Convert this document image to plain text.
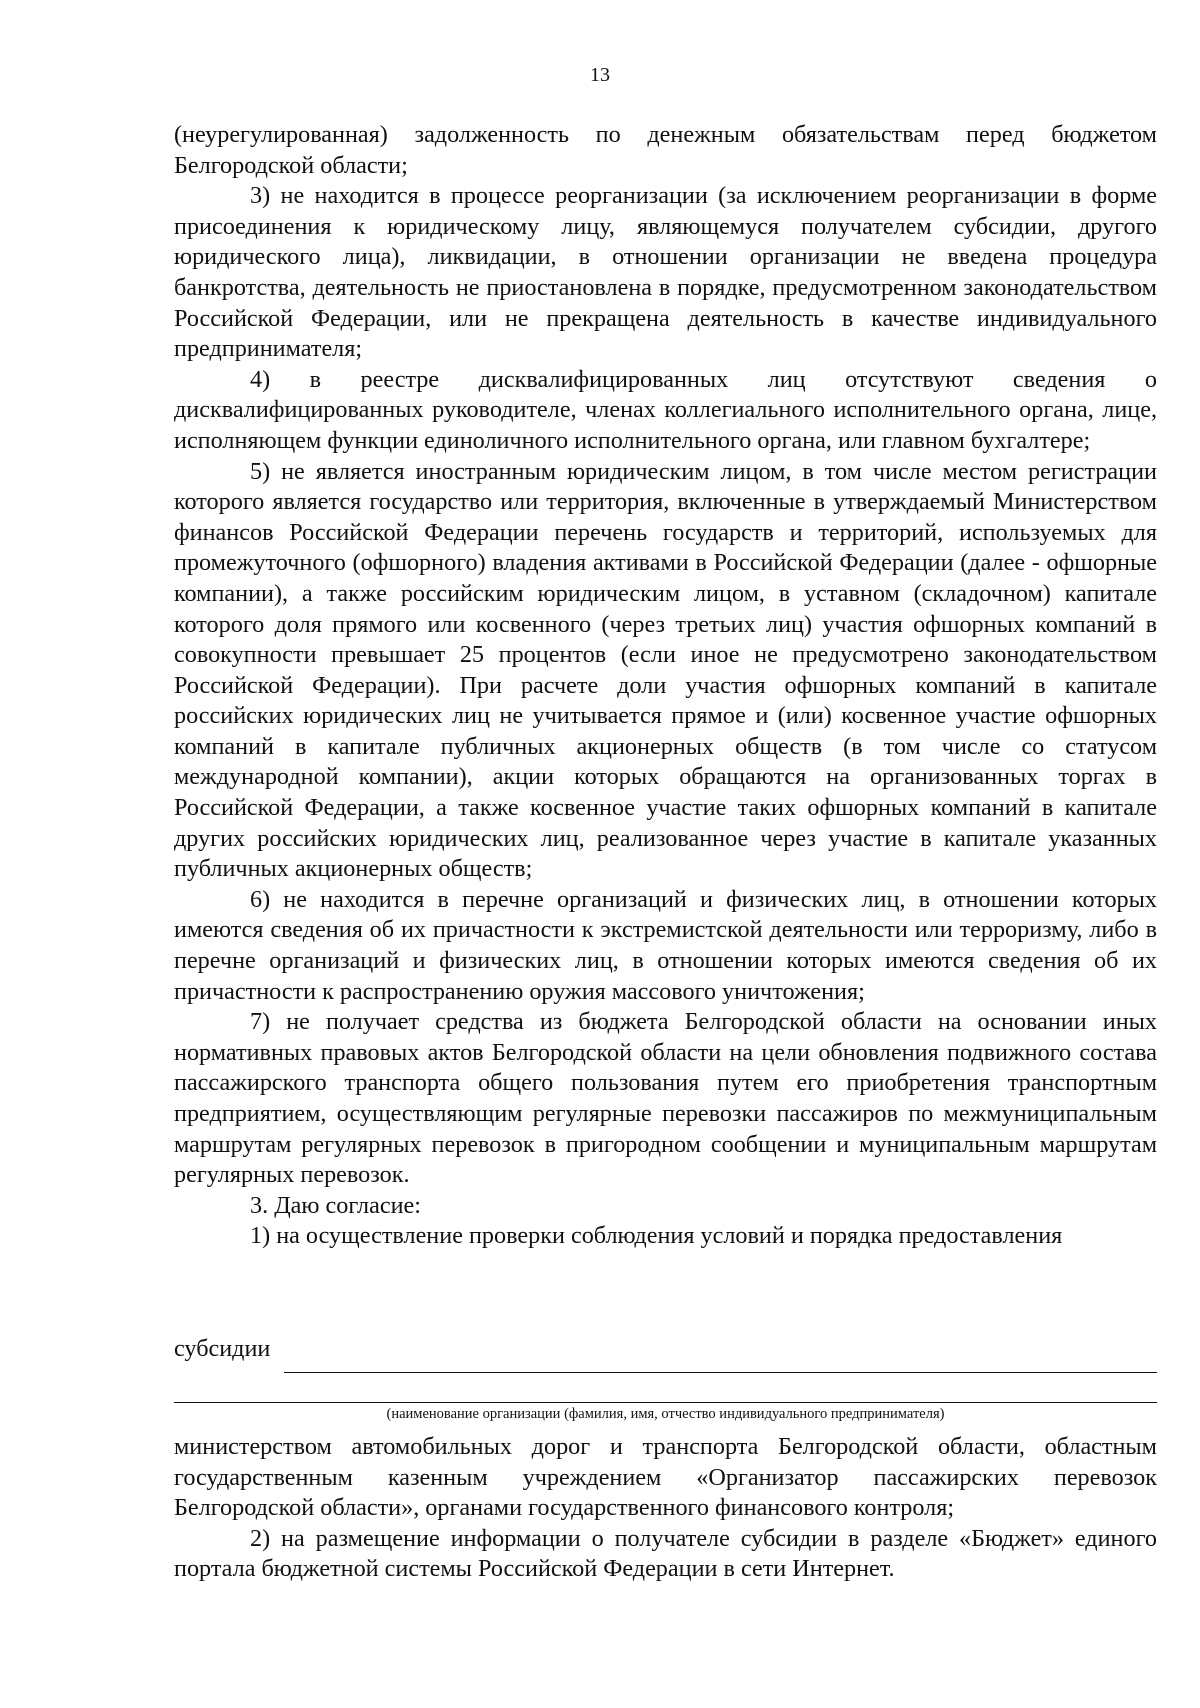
13

(неурегулированная) задолженность по денежным обязательствам перед бюджетом Белгородской области;

3) не находится в процессе реорганизации (за исключением реорганизации в форме присоединения к юридическому лицу, являющемуся получателем субсидии, другого юридического лица), ликвидации, в отношении организации не введена процедура банкротства, деятельность не приостановлена в порядке, предусмотренном законодательством Российской Федерации, или не прекращена деятельность в качестве индивидуального предпринимателя;

4) в реестре дисквалифицированных лиц отсутствуют сведения о дисквалифицированных руководителе, членах коллегиального исполнительного органа, лице, исполняющем функции единоличного исполнительного органа, или главном бухгалтере;

5) не является иностранным юридическим лицом, в том числе местом регистрации которого является государство или территория, включенные в утверждаемый Министерством финансов Российской Федерации перечень государств и территорий, используемых для промежуточного (офшорного) владения активами в Российской Федерации (далее - офшорные компании), а также российским юридическим лицом, в уставном (складочном) капитале которого доля прямого или косвенного (через третьих лиц) участия офшорных компаний в совокупности превышает 25 процентов (если иное не предусмотрено законодательством Российской Федерации). При расчете доли участия офшорных компаний в капитале российских юридических лиц не учитывается прямое и (или) косвенное участие офшорных компаний в капитале публичных акционерных обществ (в том числе со статусом международной компании), акции которых обращаются на организованных торгах в Российской Федерации, а также косвенное участие таких офшорных компаний в капитале других российских юридических лиц, реализованное через участие в капитале указанных публичных акционерных обществ;

6) не находится в перечне организаций и физических лиц, в отношении которых имеются сведения об их причастности к экстремистской деятельности или терроризму, либо в перечне организаций и физических лиц, в отношении которых имеются сведения об их причастности к распространению оружия массового уничтожения;

7) не получает средства из бюджета Белгородской области на основании иных нормативных правовых актов Белгородской области на цели обновления подвижного состава пассажирского транспорта общего пользования путем его приобретения транспортным предприятием, осуществляющим регулярные перевозки пассажиров по межмуниципальным маршрутам регулярных перевозок в пригородном сообщении и муниципальным маршрутам регулярных перевозок.

3. Даю согласие:

1) на осуществление проверки соблюдения условий и порядка предоставления

субсидии

(наименование организации (фамилия, имя, отчество индивидуального предпринимателя)

министерством автомобильных дорог и транспорта Белгородской области, областным государственным казенным учреждением «Организатор пассажирских перевозок Белгородской области», органами государственного финансового контроля;

2) на размещение информации о получателе субсидии в разделе «Бюджет» единого портала бюджетной системы Российской Федерации в сети Интернет.
